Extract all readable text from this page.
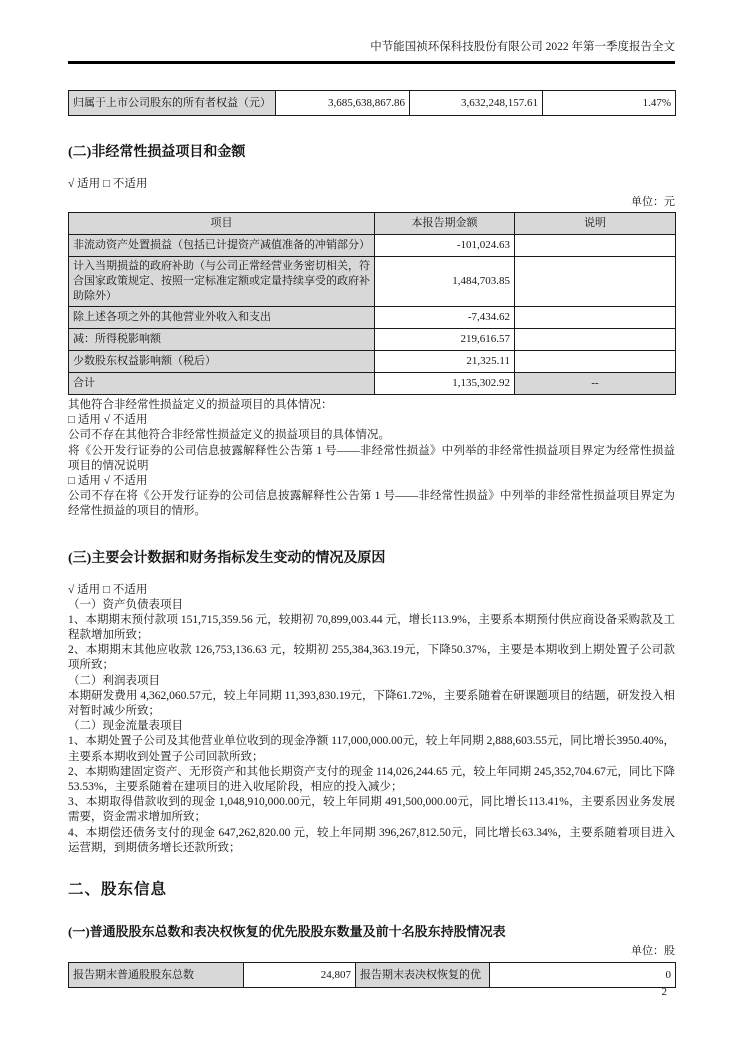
中节能国祯环保科技股份有限公司 2022 年第一季度报告全文
归属于上市公司股东的所有者权益（元）	3,685,638,867.86	3,632,248,157.61	1.47%
(二)非经常性损益项目和金额

√ 适用 □ 不适用

单位：元
项目	本报告期金额	说明
非流动资产处置损益（包括已计提资产减值准备的冲销部分）	-101,024.63	
计入当期损益的政府补助（与公司正常经营业务密切相关，符合国家政策规定、按照一定标准定额或定量持续享受的政府补助除外）	1,484,703.85	
除上述各项之外的其他营业外收入和支出	-7,434.62	
减：所得税影响额	219,616.57	
少数股东权益影响额（税后）	21,325.11	
合计	1,135,302.92	--

其他符合非经常性损益定义的损益项目的具体情况：

□ 适用 √ 不适用

公司不存在其他符合非经常性损益定义的损益项目的具体情况。

将《公开发行证券的公司信息披露解释性公告第 1 号——非经常性损益》中列举的非经常性损益项目界定为经常性损益项目的情况说明

□ 适用 √ 不适用

公司不存在将《公开发行证券的公司信息披露解释性公告第 1 号——非经常性损益》中列举的非经常性损益项目界定为经常性损益的项目的情形。

(三)主要会计数据和财务指标发生变动的情况及原因

√ 适用 □ 不适用

（一）资产负债表项目

1、本期期末预付款项 151,715,359.56 元，较期初 70,899,003.44 元，增长113.9%，主要系本期预付供应商设备采购款及工程款增加所致；

2、本期期末其他应收款 126,753,136.63 元，较期初 255,384,363.19元，下降50.37%，主要是本期收到上期处置子公司款项所致；

（二）利润表项目

本期研发费用 4,362,060.57元，较上年同期 11,393,830.19元，下降61.72%，主要系随着在研课题项目的结题，研发投入相对暂时减少所致；

（二）现金流量表项目

1、本期处置子公司及其他营业单位收到的现金净额 117,000,000.00元，较上年同期 2,888,603.55元，同比增长3950.40%，主要系本期收到处置子公司回款所致；

2、本期购建固定资产、无形资产和其他长期资产支付的现金 114,026,244.65 元，较上年同期 245,352,704.67元，同比下降53.53%，主要系随着在建项目的进入收尾阶段，相应的投入减少；

3、本期取得借款收到的现金 1,048,910,000.00元，较上年同期 491,500,000.00元，同比增长113.41%，主要系因业务发展需要，资金需求增加所致；

4、本期偿还债务支付的现金 647,262,820.00 元，较上年同期 396,267,812.50元，同比增长63.34%，主要系随着项目进入运营期，到期债务增长还款所致；

二、股东信息
(一)普通股股东总数和表决权恢复的优先股股东数量及前十名股东持股情况表
单位：股
报告期末普通股股东总数	24,807	报告期末表决权恢复的优	0
2
